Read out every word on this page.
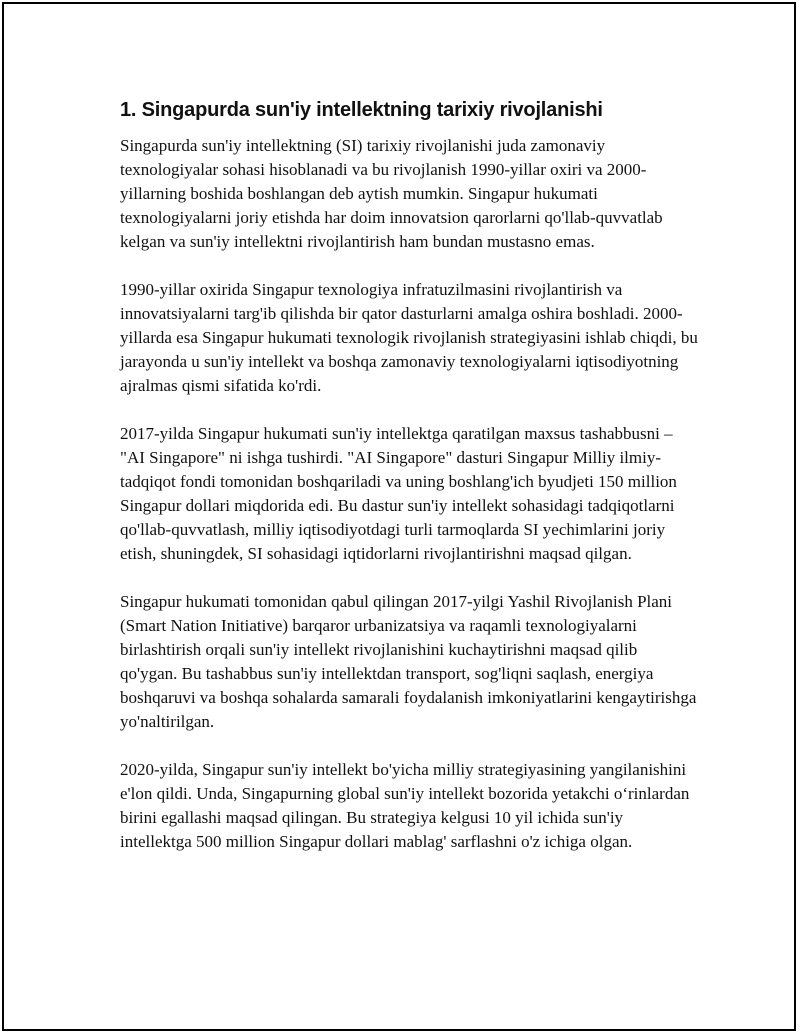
1. Singapurda sun'iy intellektning tarixiy rivojlanishi

Singapurda sun'iy intellektning (SI) tarixiy rivojlanishi juda zamonaviy texnologiyalar sohasi hisoblanadi va bu rivojlanish 1990-yillar oxiri va 2000-yillarning boshida boshlangan deb aytish mumkin. Singapur hukumati texnologiyalarni joriy etishda har doim innovatsion qarorlarni qo'llab-quvvatlab kelgan va sun'iy intellektni rivojlantirish ham bundan mustasno emas.

1990-yillar oxirida Singapur texnologiya infratuzilmasini rivojlantirish va innovatsiyalarni targ'ib qilishda bir qator dasturlarni amalga oshira boshladi. 2000-yillarda esa Singapur hukumati texnologik rivojlanish strategiyasini ishlab chiqdi, bu jarayonda u sun'iy intellekt va boshqa zamonaviy texnologiyalarni iqtisodiyotning ajralmas qismi sifatida ko'rdi.

2017-yilda Singapur hukumati sun'iy intellektga qaratilgan maxsus tashabbusni – "AI Singapore" ni ishga tushirdi. "AI Singapore" dasturi Singapur Milliy ilmiy-tadqiqot fondi tomonidan boshqariladi va uning boshlang'ich byudjeti 150 million Singapur dollari miqdorida edi. Bu dastur sun'iy intellekt sohasidagi tadqiqotlarni qo'llab-quvvatlash, milliy iqtisodiyotdagi turli tarmoqlarda SI yechimlarini joriy etish, shuningdek, SI sohasidagi iqtidorlarni rivojlantirishni maqsad qilgan.

Singapur hukumati tomonidan qabul qilingan 2017-yilgi Yashil Rivojlanish Plani (Smart Nation Initiative) barqaror urbanizatsiya va raqamli texnologiyalarni birlashtirish orqali sun'iy intellekt rivojlanishini kuchaytirishni maqsad qilib qo'ygan. Bu tashabbus sun'iy intellektdan transport, sog'liqni saqlash, energiya boshqaruvi va boshqa sohalarda samarali foydalanish imkoniyatlarini kengaytirishga yo'naltirilgan.

2020-yilda, Singapur sun'iy intellekt bo'yicha milliy strategiyasining yangilanishini e'lon qildi. Unda, Singapurning global sun'iy intellekt bozorida yetakchi oʻrinlardan birini egallashi maqsad qilingan. Bu strategiya kelgusi 10 yil ichida sun'iy intellektga 500 million Singapur dollari mablag' sarflashni o'z ichiga olgan.
